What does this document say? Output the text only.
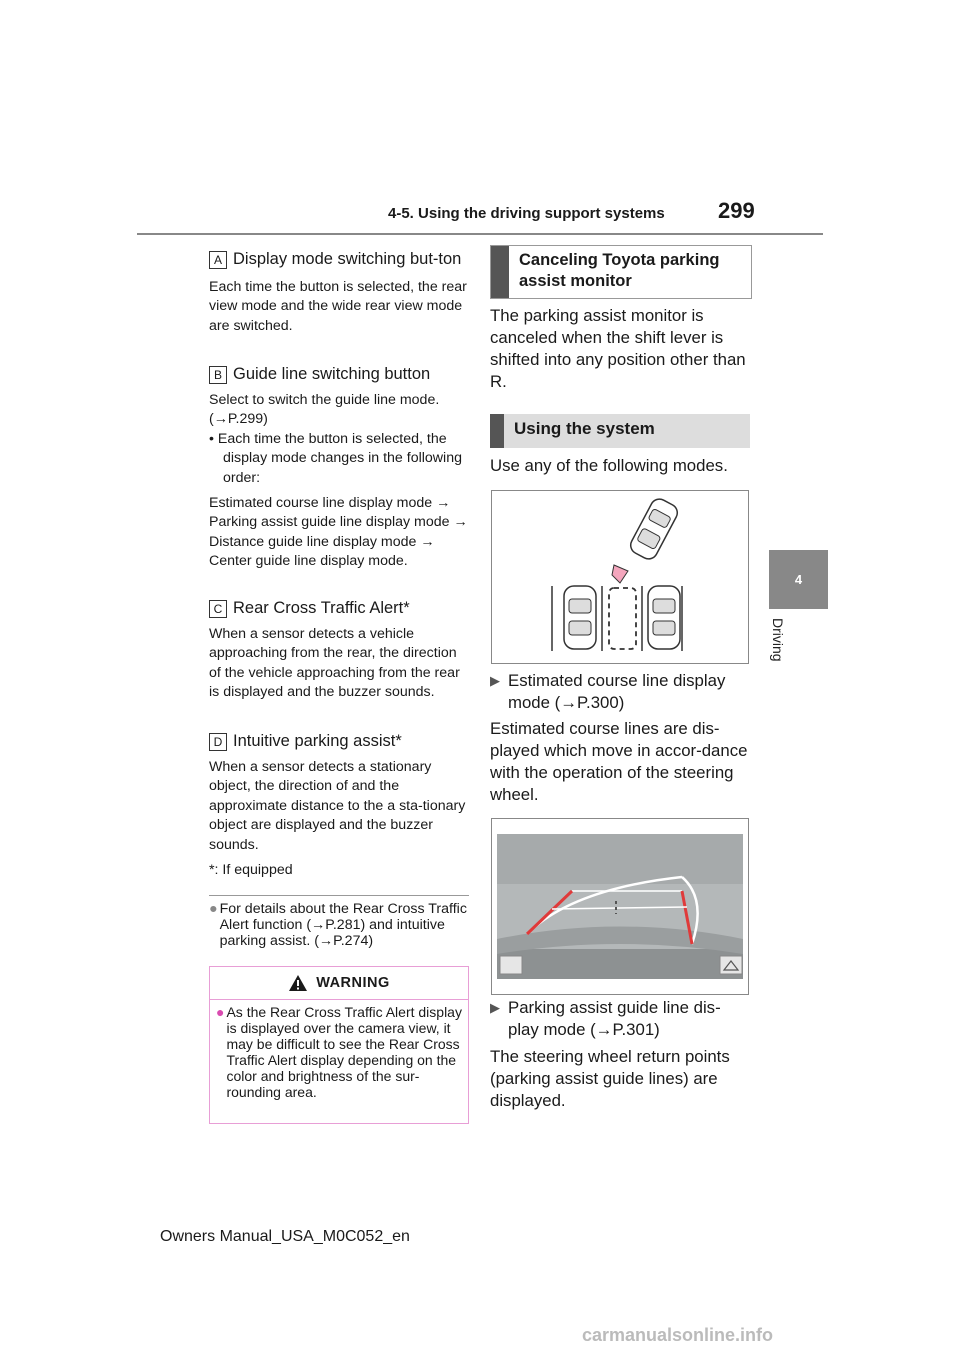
4-5. Using the driving support systems 299
4
Driving
A Display mode switching but-ton
Each time the button is selected, the rear view mode and the wide rear view mode are switched.
B Guide line switching button
Select to switch the guide line mode. (→P.299)
• Each time the button is selected, the display mode changes in the following order:
Estimated course line display mode → Parking assist guide line display mode → Distance guide line display mode → Center guide line display mode.
C Rear Cross Traffic Alert*
When a sensor detects a vehicle approaching from the rear, the direction of the vehicle approaching from the rear is displayed and the buzzer sounds.
D Intuitive parking assist*
When a sensor detects a stationary object, the direction of and the approximate distance to the a sta-tionary object are displayed and the buzzer sounds.
*: If equipped
● For details about the Rear Cross Traffic Alert function (→P.281) and intuitive parking assist. (→P.274)
WARNING
● As the Rear Cross Traffic Alert display is displayed over the camera view, it may be difficult to see the Rear Cross Traffic Alert display depending on the color and brightness of the sur-rounding area.
Canceling Toyota parking assist monitor
The parking assist monitor is canceled when the shift lever is shifted into any position other than R.
Using the system
Use any of the following modes.
▶ Estimated course line display mode (→P.300)
Estimated course lines are dis-played which move in accor-dance with the operation of the steering wheel.
▶ Parking assist guide line dis-play mode (→P.301)
The steering wheel return points (parking assist guide lines) are displayed.
Owners Manual_USA_M0C052_en
carmanualsonline.info
